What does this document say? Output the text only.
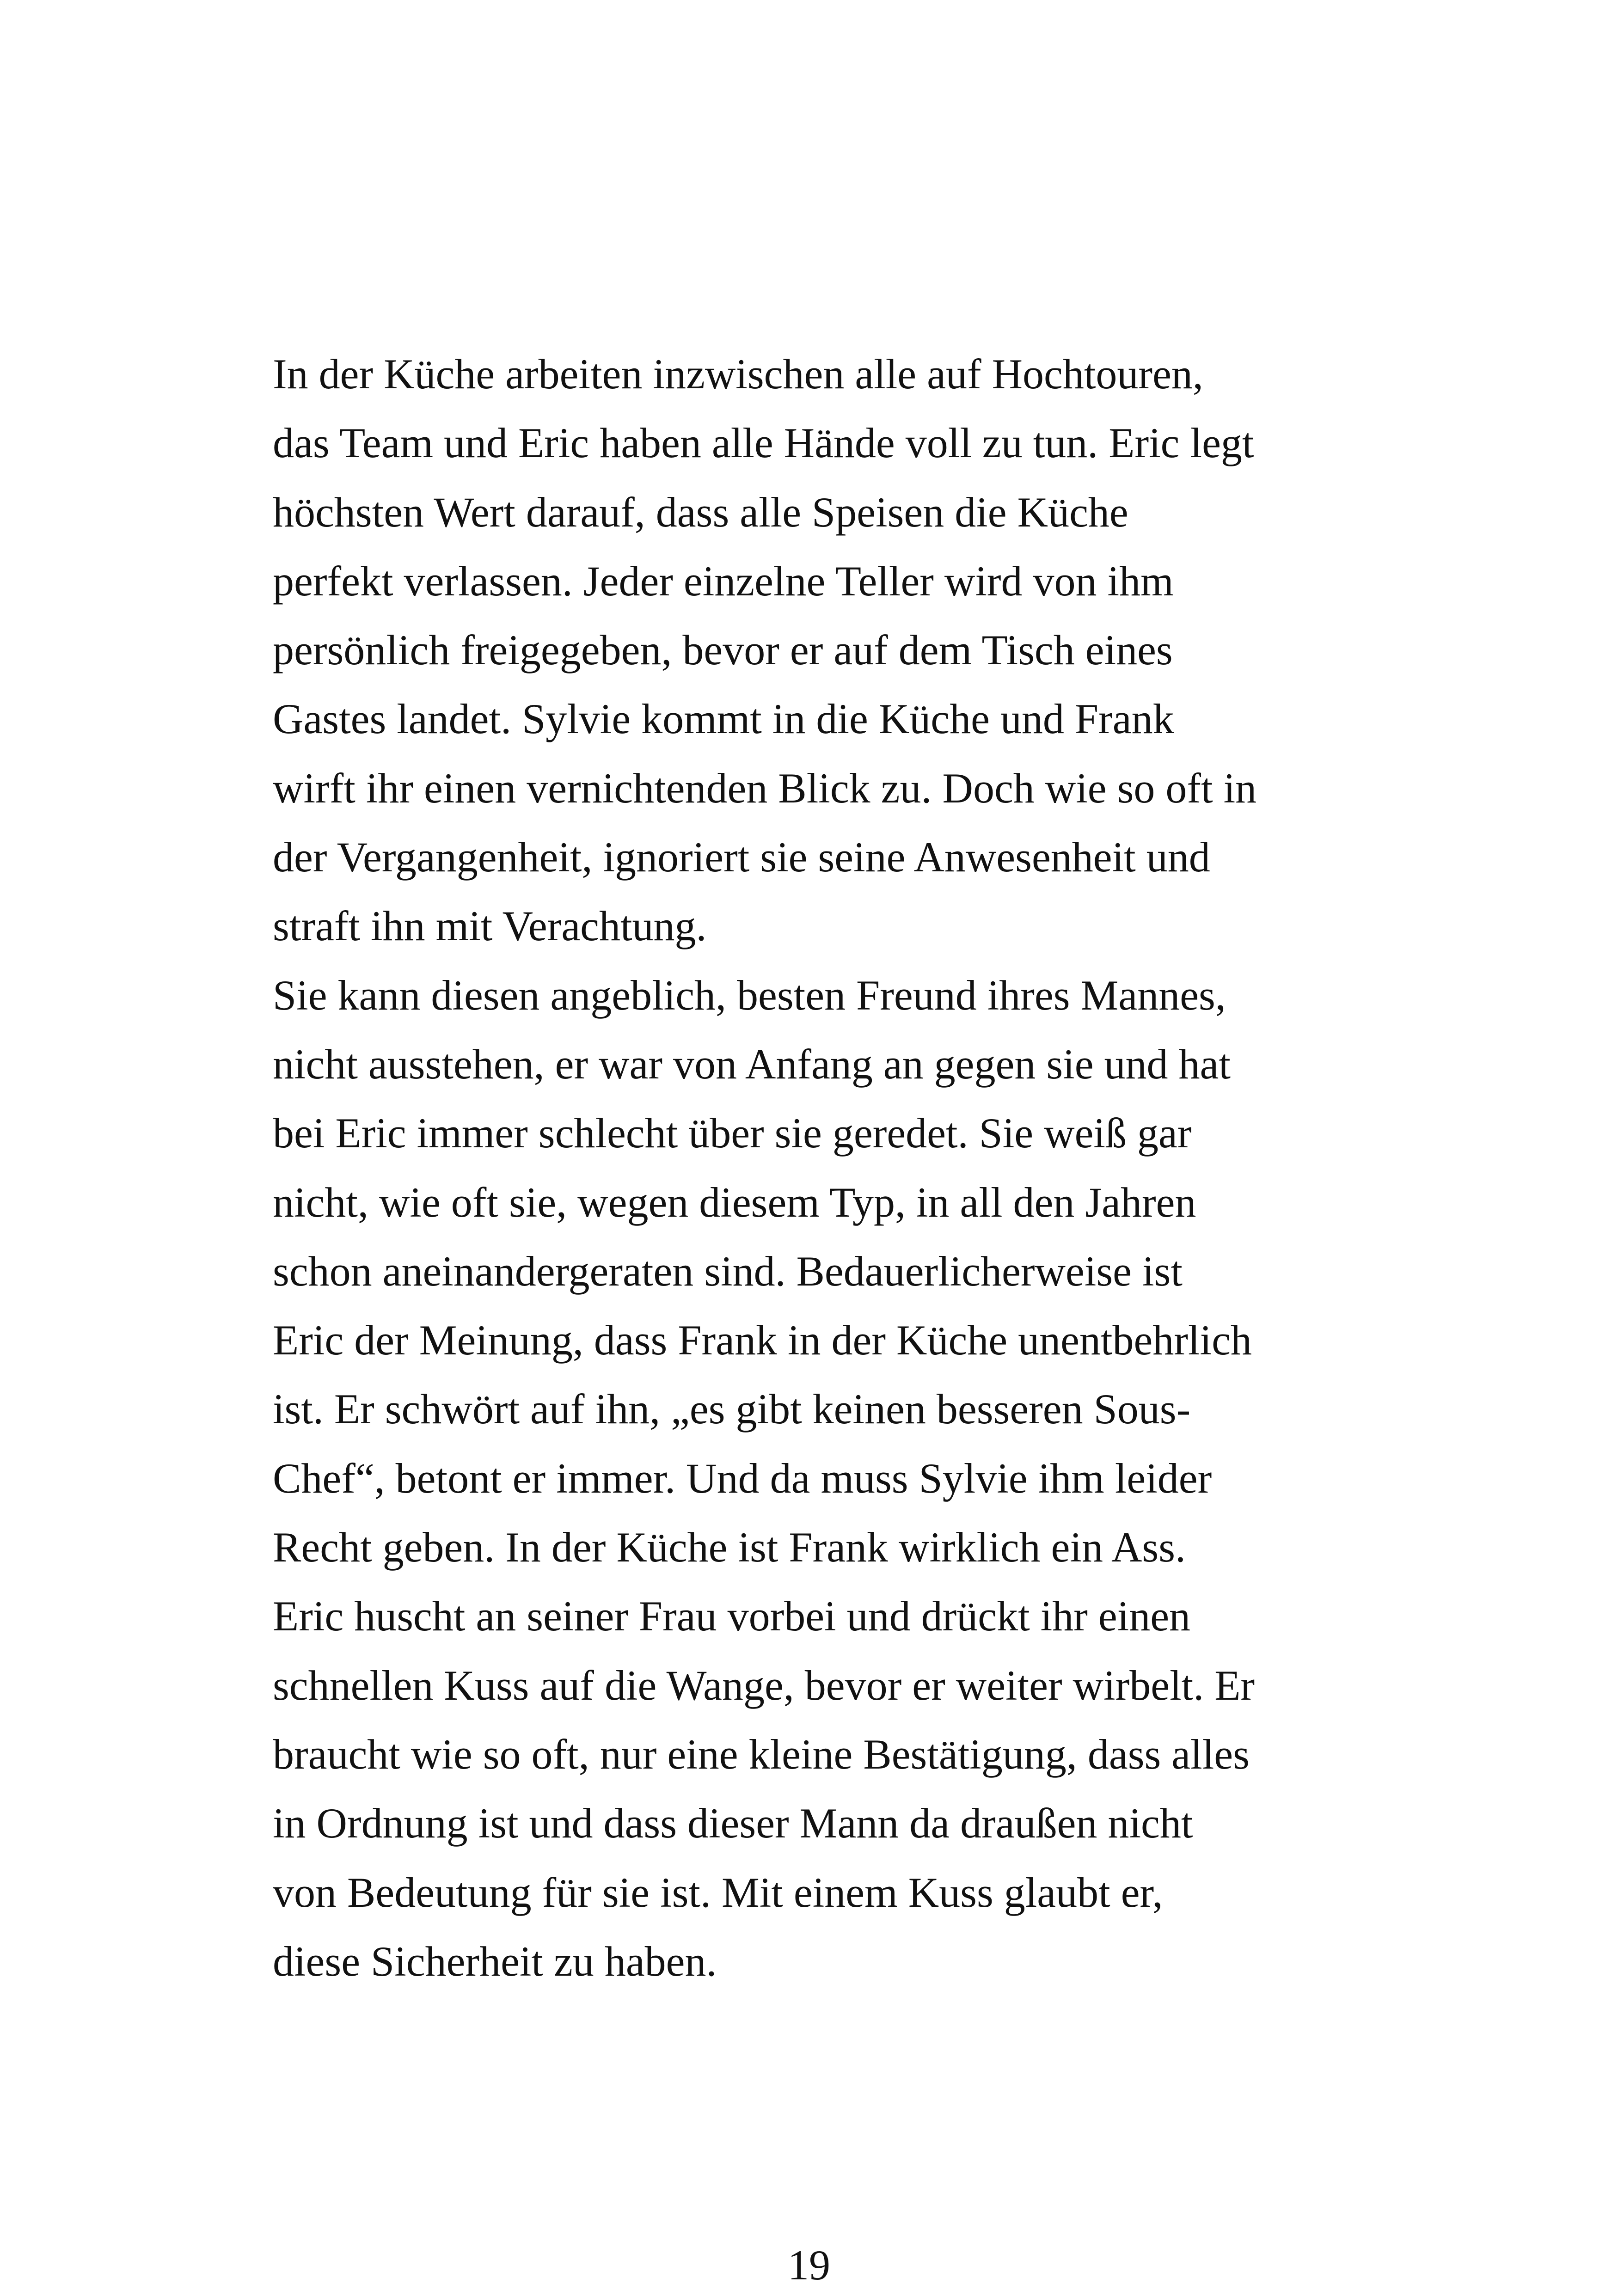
In der Küche arbeiten inzwischen alle auf Hochtouren,
das Team und Eric haben alle Hände voll zu tun. Eric legt
höchsten Wert darauf, dass alle Speisen die Küche
perfekt verlassen. Jeder einzelne Teller wird von ihm
persönlich freigegeben, bevor er auf dem Tisch eines
Gastes landet. Sylvie kommt in die Küche und Frank
wirft ihr einen vernichtenden Blick zu. Doch wie so oft in
der Vergangenheit, ignoriert sie seine Anwesenheit und
straft ihn mit Verachtung.
Sie kann diesen angeblich, besten Freund ihres Mannes,
nicht ausstehen, er war von Anfang an gegen sie und hat
bei Eric immer schlecht über sie geredet. Sie weiß gar
nicht, wie oft sie, wegen diesem Typ, in all den Jahren
schon aneinandergeraten sind. Bedauerlicherweise ist
Eric der Meinung, dass Frank in der Küche unentbehrlich
ist. Er schwört auf ihn, „es gibt keinen besseren Sous-
Chef“, betont er immer. Und da muss Sylvie ihm leider
Recht geben. In der Küche ist Frank wirklich ein Ass.
Eric huscht an seiner Frau vorbei und drückt ihr einen
schnellen Kuss auf die Wange, bevor er weiter wirbelt. Er
braucht wie so oft, nur eine kleine Bestätigung, dass alles
in Ordnung ist und dass dieser Mann da draußen nicht
von Bedeutung für sie ist. Mit einem Kuss glaubt er,
diese Sicherheit zu haben.
19
